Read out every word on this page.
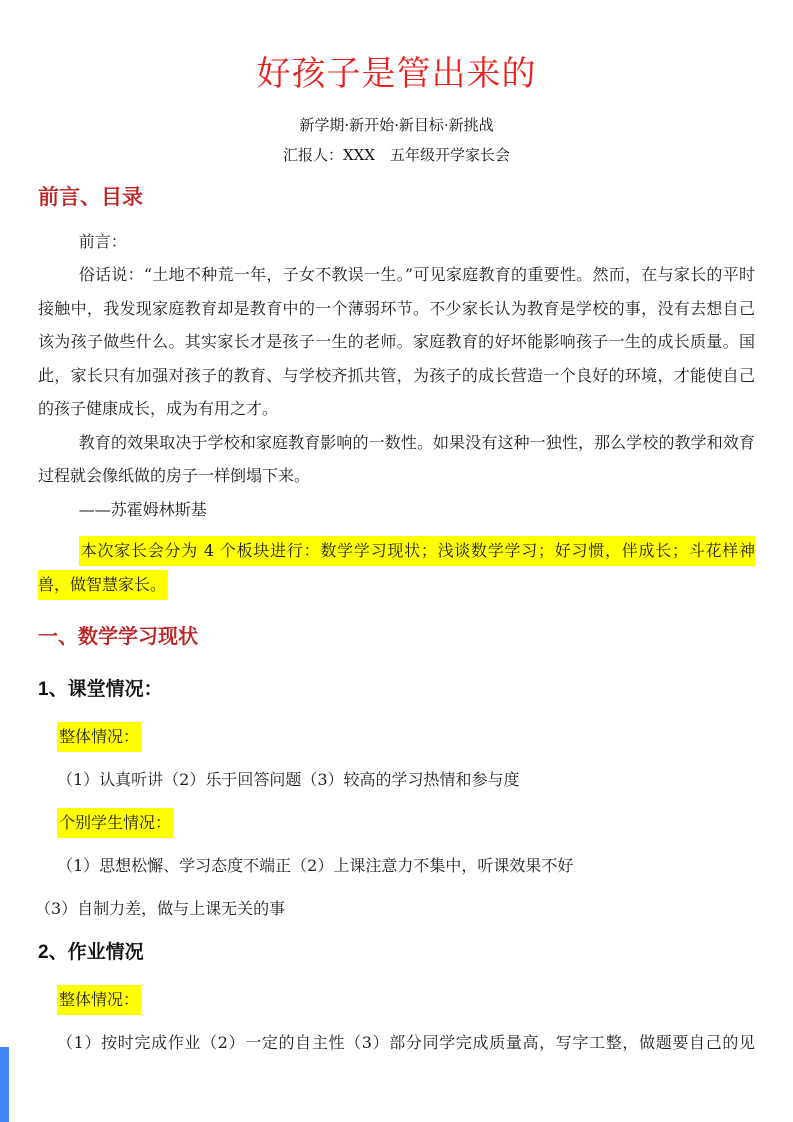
好孩子是管出来的

新学期·新开始·新目标·新挑战

汇报人：XXX　五年级开学家长会

前言、目录

前言：

俗话说：“土地不种荒一年，子女不教误一生。”可见家庭教育的重要性。然而，在与家长的平时接触中，我发现家庭教育却是教育中的一个薄弱环节。不少家长认为教育是学校的事，没有去想自己该为孩子做些什么。其实家长才是孩子一生的老师。家庭教育的好坏能影响孩子一生的成长质量。国此，家长只有加强对孩子的教育、与学校齐抓共管，为孩子的成长营造一个良好的环境，才能使自己的孩子健康成长，成为有用之才。

教育的效果取决于学校和家庭教育影响的一数性。如果没有这种一独性，那么学校的教学和效育过程就会像纸做的房子一样倒塌下来。

——苏霍姆林斯基

本次家长会分为 4 个板块进行：数学学习现状；浅谈数学学习；好习惯，伴成长；斗花样神兽，做智慧家长。

一、数学学习现状
1、课堂情况：

整体情况：

（1）认真听讲（2）乐于回答问题（3）较高的学习热情和参与度

个别学生情况：

（1）思想松懈、学习态度不端正（2）上课注意力不集中，听课效果不好

（3）自制力差，做与上课无关的事

2、作业情况

整体情况：

（1）按时完成作业（2）一定的自主性（3）部分同学完成质量高，写字工整，做题要自己的见
